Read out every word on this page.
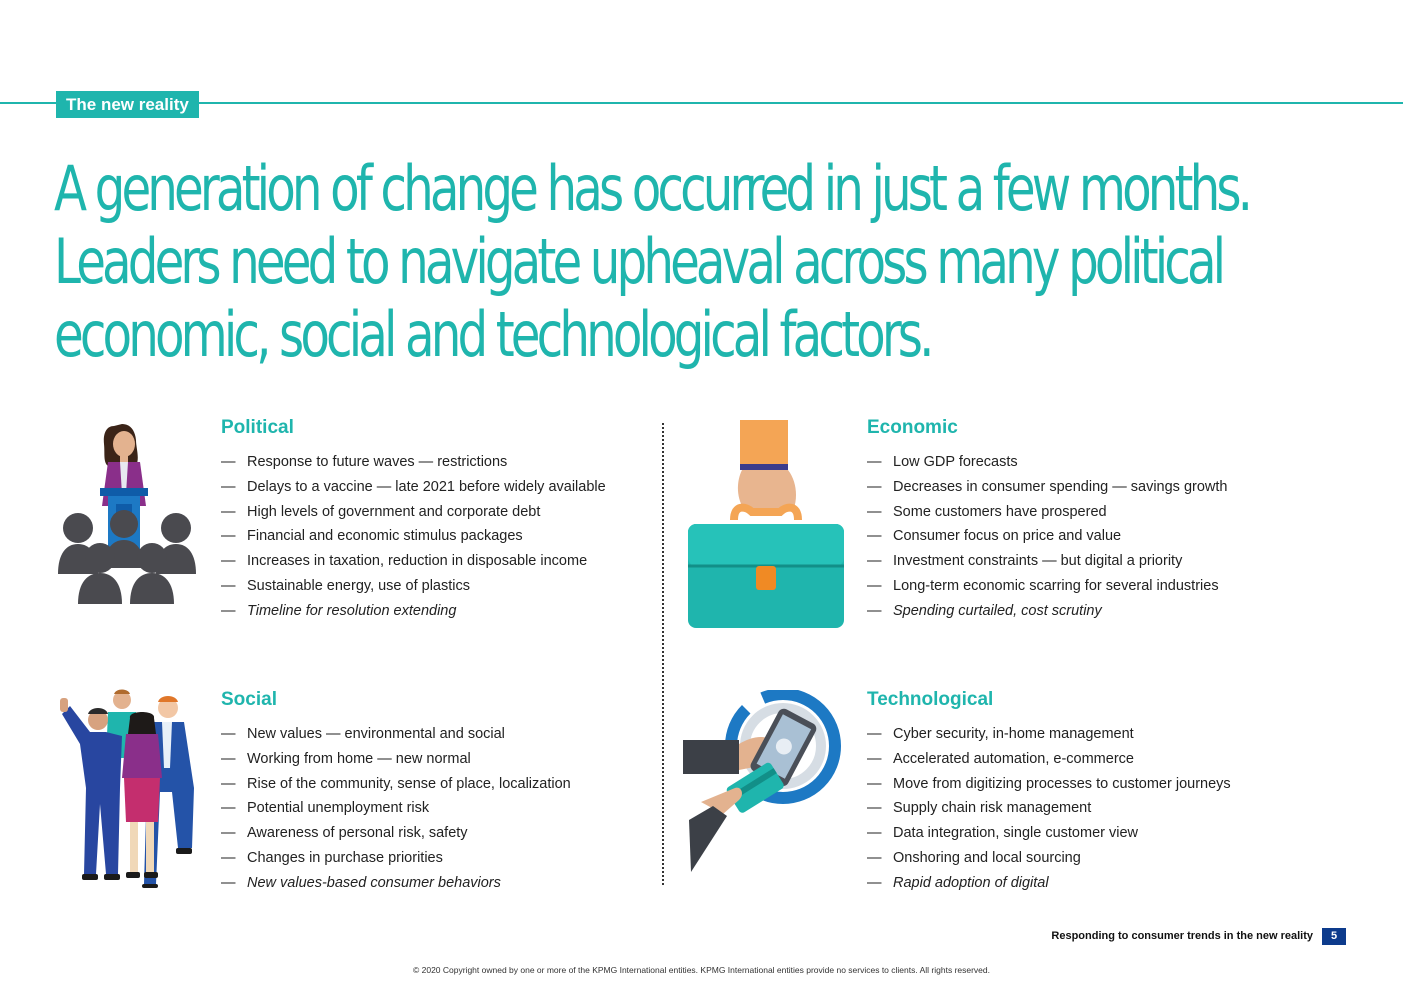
The new reality
A generation of change has occurred in just a few months.
Leaders need to navigate upheaval across many political
economic, social and technological factors.
Political
— Response to future waves — restrictions
— Delays to a vaccine — late 2021 before widely available
— High levels of government and corporate debt
— Financial and economic stimulus packages
— Increases in taxation, reduction in disposable income
— Sustainable energy, use of plastics
— Timeline for resolution extending
Economic
— Low GDP forecasts
— Decreases in consumer spending — savings growth
— Some customers have prospered
— Consumer focus on price and value
— Investment constraints — but digital a priority
— Long-term economic scarring for several industries
— Spending curtailed, cost scrutiny
Social
— New values — environmental and social
— Working from home — new normal
— Rise of the community, sense of place, localization
— Potential unemployment risk
— Awareness of personal risk, safety
— Changes in purchase priorities
— New values-based consumer behaviors
Technological
— Cyber security, in-home management
— Accelerated automation, e-commerce
— Move from digitizing processes to customer journeys
— Supply chain risk management
— Data integration, single customer view
— Onshoring and local sourcing
— Rapid adoption of digital
Responding to consumer trends in the new reality	5
© 2020 Copyright owned by one or more of the KPMG International entities. KPMG International entities provide no services to clients. All rights reserved.
